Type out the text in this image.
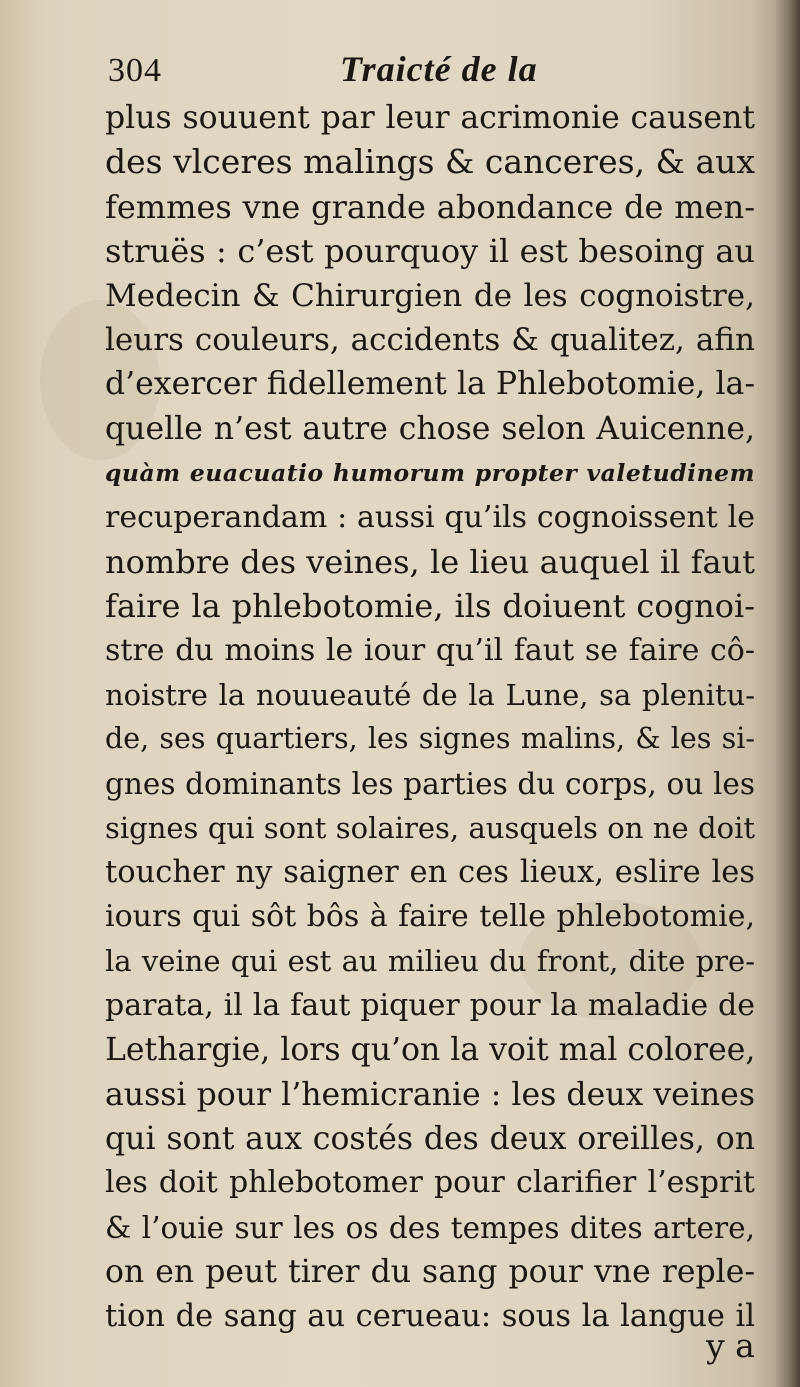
304	Traicté de la
plus souuent par leur acrimonie causent
des vlceres malings & canceres, & aux
femmes vne grande abondance de men-
struës : c’est pourquoy il est besoing au
Medecin & Chirurgien de les cognoistre,
leurs couleurs, accidents & qualitez, afin
d’exercer fidellement la Phlebotomie, la-
quelle n’est autre chose selon Auicenne,
quàm euacuatio humorum propter valetudinem
recuperandam : aussi qu’ils cognoissent le
nombre des veines, le lieu auquel il faut
faire la phlebotomie, ils doiuent cognoi-
stre du moins le iour qu’il faut se faire cô-
noistre la nouueauté de la Lune, sa plenitu-
de, ses quartiers, les signes malins, & les si-
gnes dominants les parties du corps, ou les
signes qui sont solaires, ausquels on ne doit
toucher ny saigner en ces lieux, eslire les
iours qui sôt bôs à faire telle phlebotomie,
la veine qui est au milieu du front, dite pre-
parata, il la faut piquer pour la maladie de
Lethargie, lors qu’on la voit mal coloree,
aussi pour l’hemicranie : les deux veines
qui sont aux costés des deux oreilles, on
les doit phlebotomer pour clarifier l’esprit
& l’ouie sur les os des tempes dites artere,
on en peut tirer du sang pour vne reple-
tion de sang au cerueau: sous la langue il
y a
